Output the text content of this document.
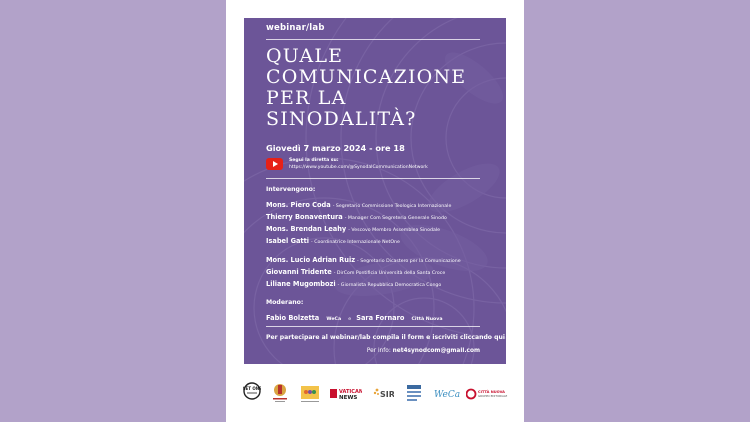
webinar/lab
QUALE
COMUNICAZIONE
PER LA
SINODALITÀ?
Giovedì 7 marzo 2024 - ore 18
Segui la diretta su:
https://www.youtube.com/@SynodalCommunicationNetwork
Intervengono:
Mons. Piero Coda - Segretario Commissione Teologica Internazionale
Thierry Bonaventura - Manager Com Segreteria Generale Sinodo
Mons. Brendan Leahy - Vescovo Membro Assemblea Sinodale
Isabel Gatti - Coordinatrice Internazionale NetOne
Mons. Lucio Adrian Ruiz - Segretario Dicastero per la Comunicazione
Giovanni Tridente - DirCom Pontificia Università della Santa Croce
Liliane Mugombozi - Giornalista Repubblica Democratica Congo
Moderano:
Fabio Bolzetta WeCa e Sara Fornaro Città Nuova
Per partecipare al webinar/lab compila il form e iscriviti cliccando qui
Per info: net4synodcom@gmail.com
NET ONE
VATICAN
NEWS	SIR	WeCa	CITTÀ NUOVA
GRUPPO EDITORIALE
